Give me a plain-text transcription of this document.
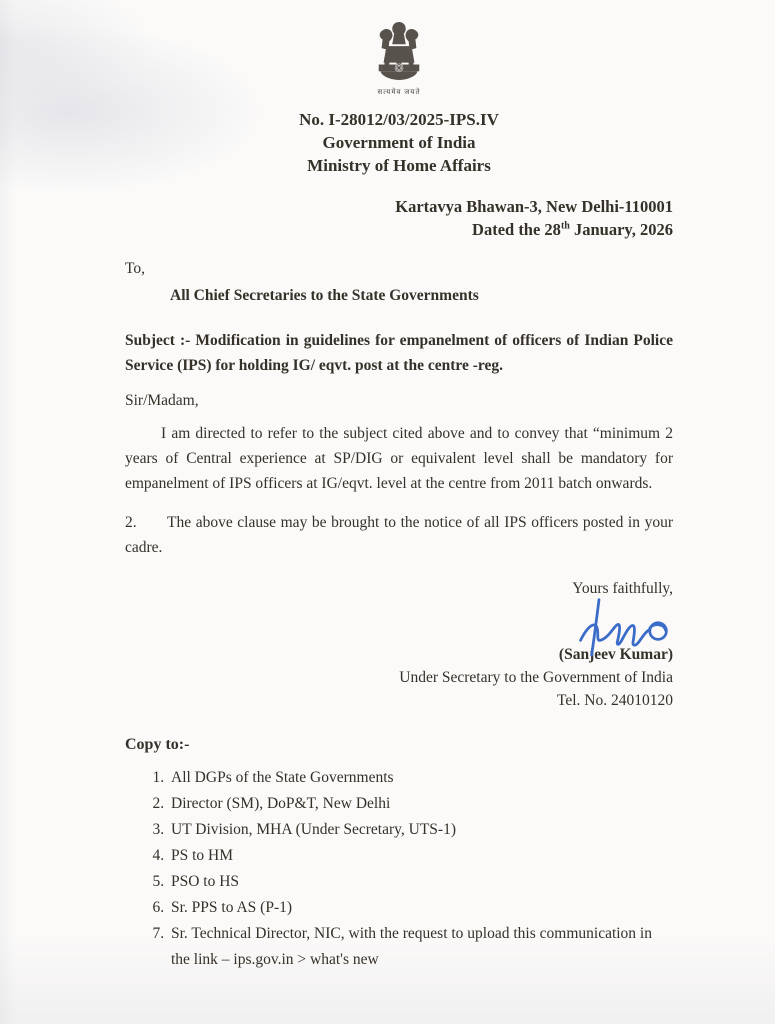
सत्यमेव जयते
No. I-28012/03/2025-IPS.IV
Government of India
Ministry of Home Affairs
Kartavya Bhawan-3, New Delhi-110001
Dated the 28th January, 2026
To,
All Chief Secretaries to the State Governments
Subject :- Modification in guidelines for empanelment of officers of Indian Police Service (IPS) for holding IG/ eqvt. post at the centre -reg.
Sir/Madam,
I am directed to refer to the subject cited above and to convey that “minimum 2 years of Central experience at SP/DIG or equivalent level shall be mandatory for empanelment of IPS officers at IG/eqvt. level at the centre from 2011 batch onwards.
2. The above clause may be brought to the notice of all IPS officers posted in your cadre.
Yours faithfully,
(Sanjeev Kumar)
Under Secretary to the Government of India
Tel. No. 24010120
Copy to:-
1. All DGPs of the State Governments
2. Director (SM), DoP&T, New Delhi
3. UT Division, MHA (Under Secretary, UTS-1)
4. PS to HM
5. PSO to HS
6. Sr. PPS to AS (P-1)
7. Sr. Technical Director, NIC, with the request to upload this communication in the link – ips.gov.in > what's new
